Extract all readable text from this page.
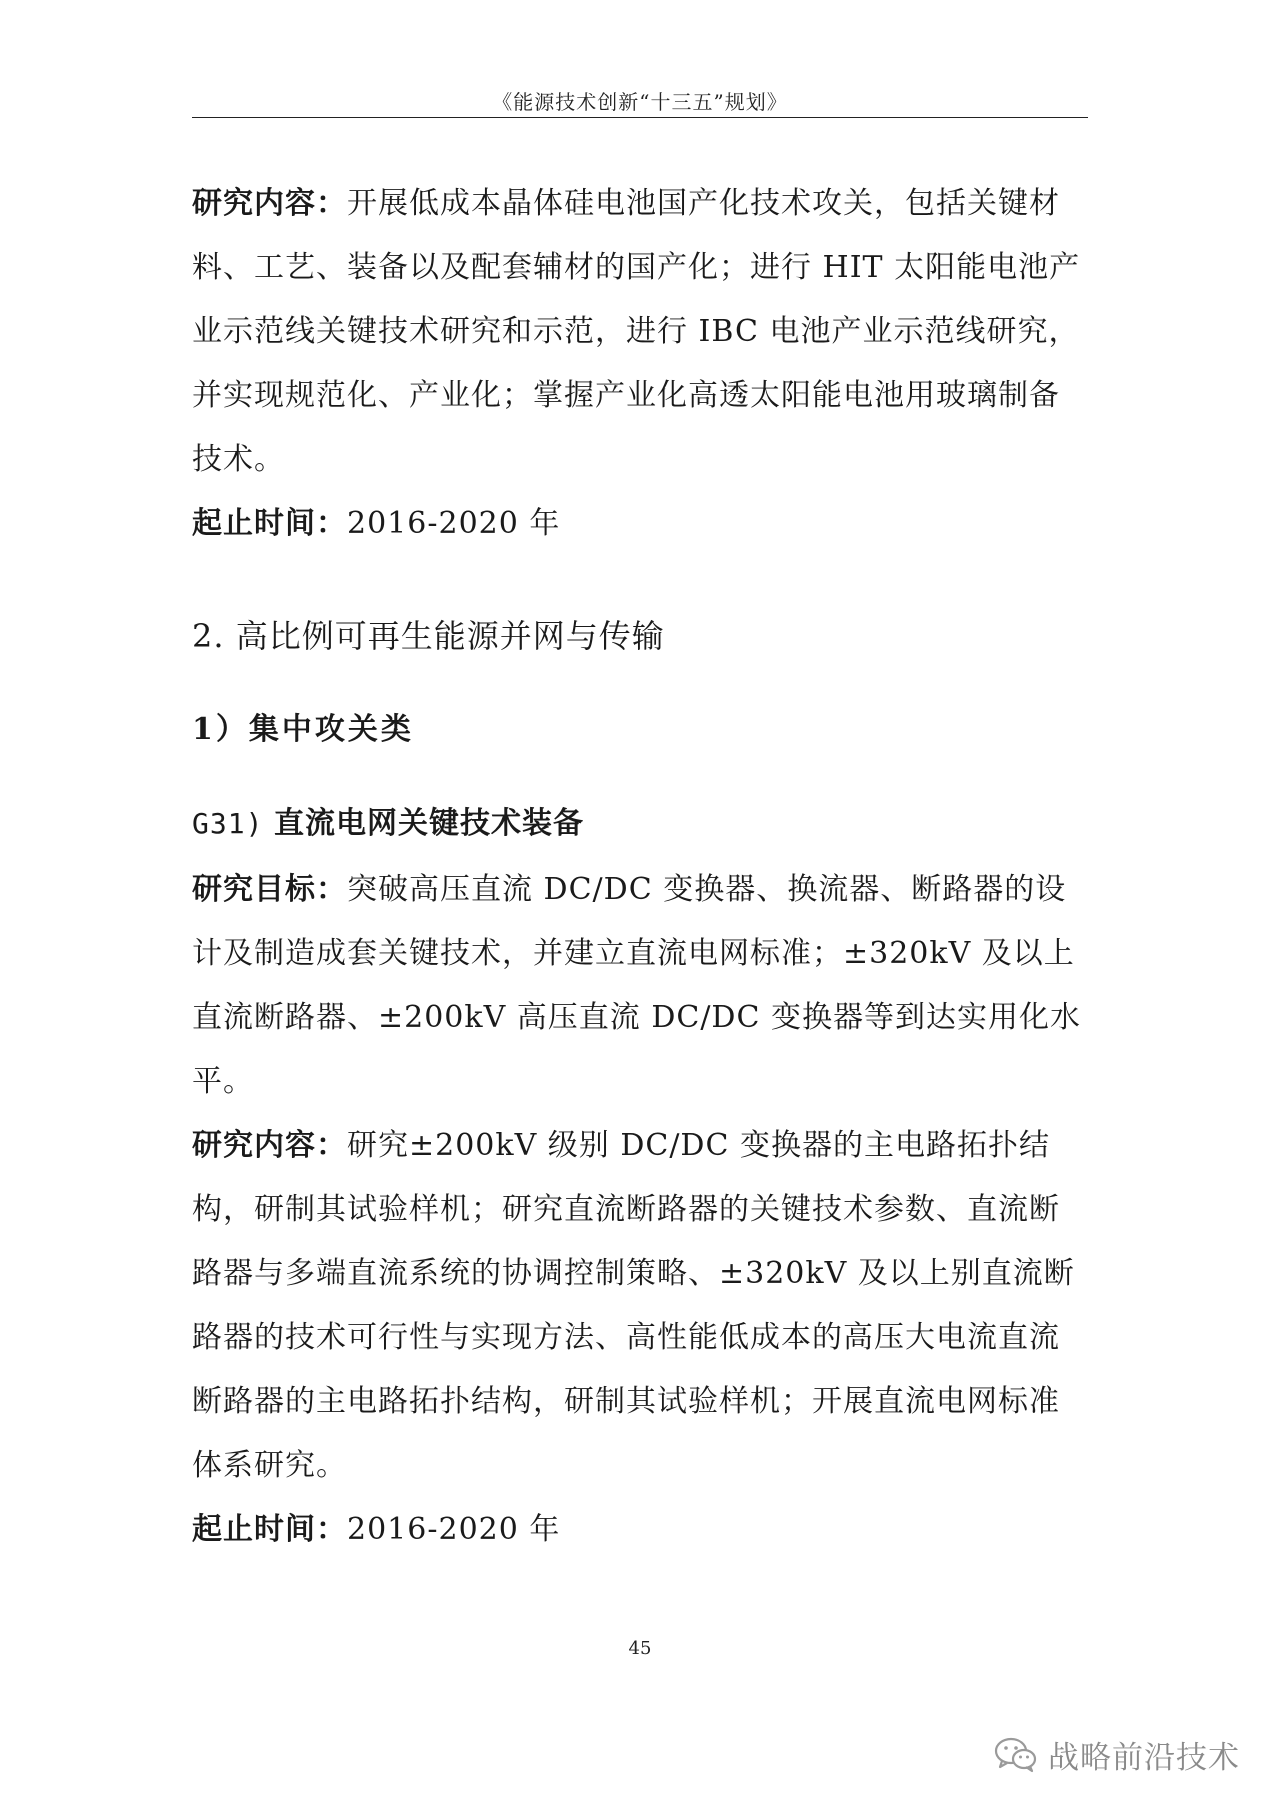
《能源技术创新“十三五”规划》

研究内容：开展低成本晶体硅电池国产化技术攻关，包括关键材料、工艺、装备以及配套辅材的国产化；进行 HIT 太阳能电池产业示范线关键技术研究和示范，进行 IBC 电池产业示范线研究，并实现规范化、产业化；掌握产业化高透太阳能电池用玻璃制备技术。

起止时间：2016-2020 年

2. 高比例可再生能源并网与传输
1）集中攻关类
G31) 直流电网关键技术装备

研究目标：突破高压直流 DC/DC 变换器、换流器、断路器的设计及制造成套关键技术，并建立直流电网标准；±320kV 及以上直流断路器、±200kV 高压直流 DC/DC 变换器等到达实用化水平。

研究内容：研究±200kV 级别 DC/DC 变换器的主电路拓扑结构，研制其试验样机；研究直流断路器的关键技术参数、直流断路器与多端直流系统的协调控制策略、±320kV 及以上别直流断路器的技术可行性与实现方法、高性能低成本的高压大电流直流断路器的主电路拓扑结构，研制其试验样机；开展直流电网标准体系研究。

起止时间：2016-2020 年

45
战略前沿技术
